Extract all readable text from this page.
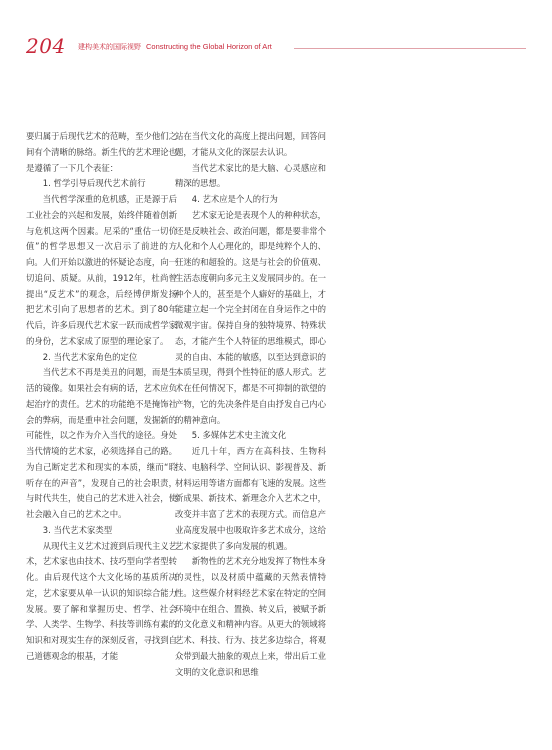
204 建构美术的国际视野 Constructing the Global Horizon of Art

要归属于后现代艺术的范畴，至少他们之间有个清晰的脉络。新生代的艺术理论也是遵循了一下几个表征：

1. 哲学引导后现代艺术前行

当代哲学深重的危机感，正是源于后工业社会的兴起和发展，始终伴随着创新与危机这两个因素。尼采的“重估一切价值”的哲学思想又一次启示了前进的方向。人们开始以激进的怀疑论态度，向一切追问、质疑。从前，1912年，杜尚曾提出“反艺术”的观念，后经博伊斯发扬把艺术引向了思想者的艺术。到了80年代后，许多后现代艺术家一跃而成哲学家的身份，艺术家成了原型的理论家了。

2. 当代艺术家角色的定位

当代艺术不再是美丑的问题，而是生活的镜像。如果社会有病的话，艺术应负起治疗的责任。艺术的功能绝不是掩饰社会的弊病，而是重申社会问题，发掘新的可能性，以之作为介入当代的途径。身处当代情境的艺术家，必须选择自己的路。为自己断定艺术和现实的本质，继而“聆听存在的声音”，发现自己的社会职责，与时代共生，使自己的艺术进入社会，使社会融入自己的艺术之中。

3. 当代艺术家类型

从现代主义艺术过渡到后现代主义艺术，艺术家也由技术、技巧型向学者型转化。由后现代这个大文化场的基质所决定，艺术家要从单一认识的知识综合能力发展。要了解和掌握历史、哲学、社会学、人类学、生物学、科技等训练有素的知识和对现实生存的深刻反省，寻找到自己道德观念的根基，才能

站在当代文化的高度上提出问题，回答问题，才能从文化的深层去认识。

当代艺术家比的是大脑、心灵感应和精深的思想。

4. 艺术应是个人的行为

艺术家无论是表现个人的种种状态，还是反映社会、政治问题，都是要非常个人化和个人心理化的，即是纯粹个人的、狂迷的和超验的。这是与社会的价值观、生活态度朝向多元主义发展同步的。在一种个人的，甚至是个人癖好的基础上，才能建立起一个完全封闭在自身运作之中的微观宇宙。保持自身的独特境界、特殊状态，才能产生个人特征的思维模式，即心灵的自由、本能的敏感，以至达到意识的本质呈现，得到个性特征的感人形式。艺术在任何情况下，都是不可抑制的欲望的产物，它的先决条件是自由抒发自己内心的精神意向。

5. 多媒体艺术史主流文化

近几十年，西方在高科技、生物科技、电脑科学、空间认识、影视普及、新材料运用等诸方面都有飞速的发展。这些新成果、新技术、新理念介入艺术之中，改变并丰富了艺术的表现方式。而信息产业高度发展中也吸取许多艺术成分，这给艺术家提供了多向发展的机遇。

新物性的艺术充分地发挥了物性本身的灵性，以及材质中蕴藏的天然表情特性。这些媒介材料经艺术家在特定的空间环境中在组合、置换、转义后，被赋予新的文化意义和精神内容。从更大的领域将艺术、科技、行为、技艺多边综合，将观众带到最大抽象的观点上来，带出后工业文明的文化意识和思维
